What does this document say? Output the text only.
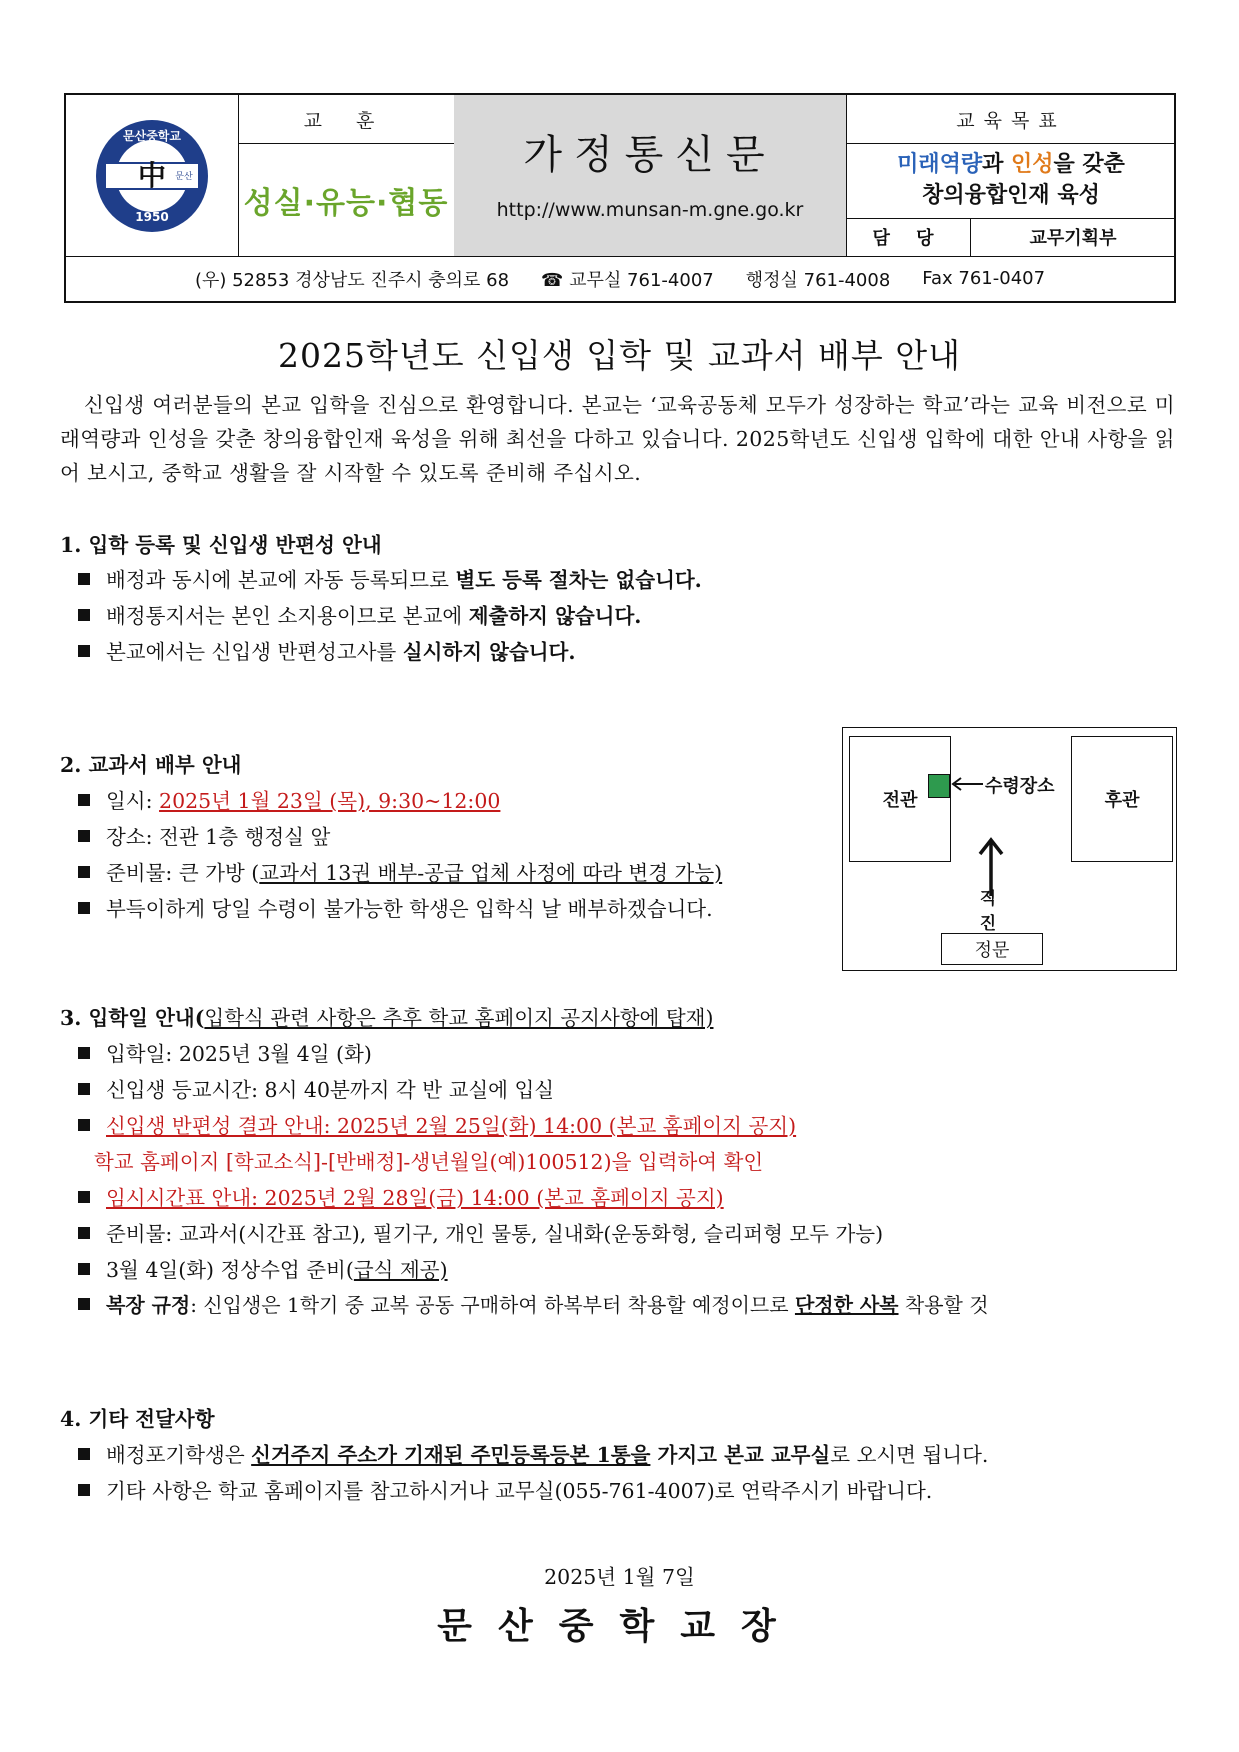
中
문산중학교
문산
1950
교 훈
성실·유능·협동
가정통신문
http://www.munsan-m.gne.go.kr
교육목표
미래역량과 인성을 갖춘
창의융합인재 육성
담 당	교무기획부
(우) 52853 경상남도 진주시 충의로 68 ☎ 교무실 761-4007 행정실 761-4008 Fax 761-0407
2025학년도 신입생 입학 및 교과서 배부 안내
신입생 여러분들의 본교 입학을 진심으로 환영합니다. 본교는 ‘교육공동체 모두가 성장하는 학교’라는 교육 비전으로 미래역량과 인성을 갖춘 창의융합인재 육성을 위해 최선을 다하고 있습니다. 2025학년도 신입생 입학에 대한 안내 사항을 읽어 보시고, 중학교 생활을 잘 시작할 수 있도록 준비해 주십시오.
1. 입학 등록 및 신입생 반편성 안내
배정과 동시에 본교에 자동 등록되므로 별도 등록 절차는 없습니다.
배정통지서는 본인 소지용이므로 본교에 제출하지 않습니다.
본교에서는 신입생 반편성고사를 실시하지 않습니다.
2. 교과서 배부 안내
일시: 2025년 1월 23일 (목), 9:30~12:00
장소: 전관 1층 행정실 앞
준비물: 큰 가방 (교과서 13권 배부-공급 업체 사정에 따라 변경 가능)
부득이하게 당일 수령이 불가능한 학생은 입학식 날 배부하겠습니다.
전관
수령장소
후관
직진
정문
3. 입학일 안내(입학식 관련 사항은 추후 학교 홈페이지 공지사항에 탑재)
입학일: 2025년 3월 4일 (화)
신입생 등교시간: 8시 40분까지 각 반 교실에 입실
신입생 반편성 결과 안내: 2025년 2월 25일(화) 14:00 (본교 홈페이지 공지)
학교 홈페이지 [학교소식]-[반배정]-생년월일(예)100512)을 입력하여 확인
임시시간표 안내: 2025년 2월 28일(금) 14:00 (본교 홈페이지 공지)
준비물: 교과서(시간표 참고), 필기구, 개인 물통, 실내화(운동화형, 슬리퍼형 모두 가능)
3월 4일(화) 정상수업 준비(급식 제공)
복장 규정: 신입생은 1학기 중 교복 공동 구매하여 하복부터 착용할 예정이므로 단정한 사복 착용할 것
4. 기타 전달사항
배정포기학생은 신거주지 주소가 기재된 주민등록등본 1통을 가지고 본교 교무실로 오시면 됩니다.
기타 사항은 학교 홈페이지를 참고하시거나 교무실(055-761-4007)로 연락주시기 바랍니다.
2025년 1월 7일
문산중학교장
